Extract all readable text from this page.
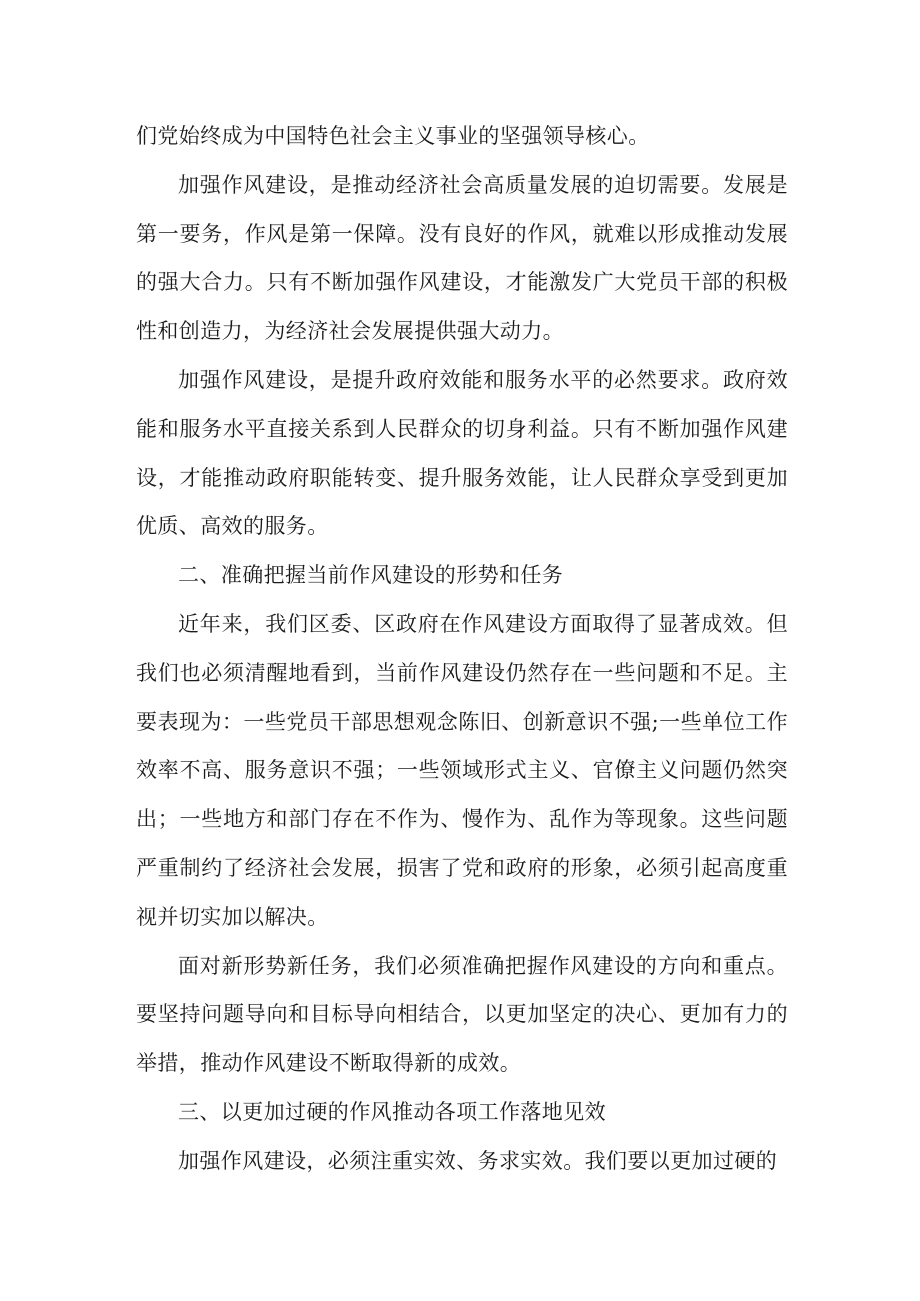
们党始终成为中国特色社会主义事业的坚强领导核心。

加强作风建设，是推动经济社会高质量发展的迫切需要。发展是第一要务，作风是第一保障。没有良好的作风，就难以形成推动发展的强大合力。只有不断加强作风建设，才能激发广大党员干部的积极性和创造力，为经济社会发展提供强大动力。

加强作风建设，是提升政府效能和服务水平的必然要求。政府效能和服务水平直接关系到人民群众的切身利益。只有不断加强作风建设，才能推动政府职能转变、提升服务效能，让人民群众享受到更加优质、高效的服务。

二、准确把握当前作风建设的形势和任务

近年来，我们区委、区政府在作风建设方面取得了显著成效。但我们也必须清醒地看到，当前作风建设仍然存在一些问题和不足。主要表现为：一些党员干部思想观念陈旧、创新意识不强;一些单位工作效率不高、服务意识不强；一些领域形式主义、官僚主义问题仍然突出；一些地方和部门存在不作为、慢作为、乱作为等现象。这些问题严重制约了经济社会发展，损害了党和政府的形象，必须引起高度重视并切实加以解决。

面对新形势新任务，我们必须准确把握作风建设的方向和重点。要坚持问题导向和目标导向相结合，以更加坚定的决心、更加有力的举措，推动作风建设不断取得新的成效。

三、以更加过硬的作风推动各项工作落地见效

加强作风建设，必须注重实效、务求实效。我们要以更加过硬的
